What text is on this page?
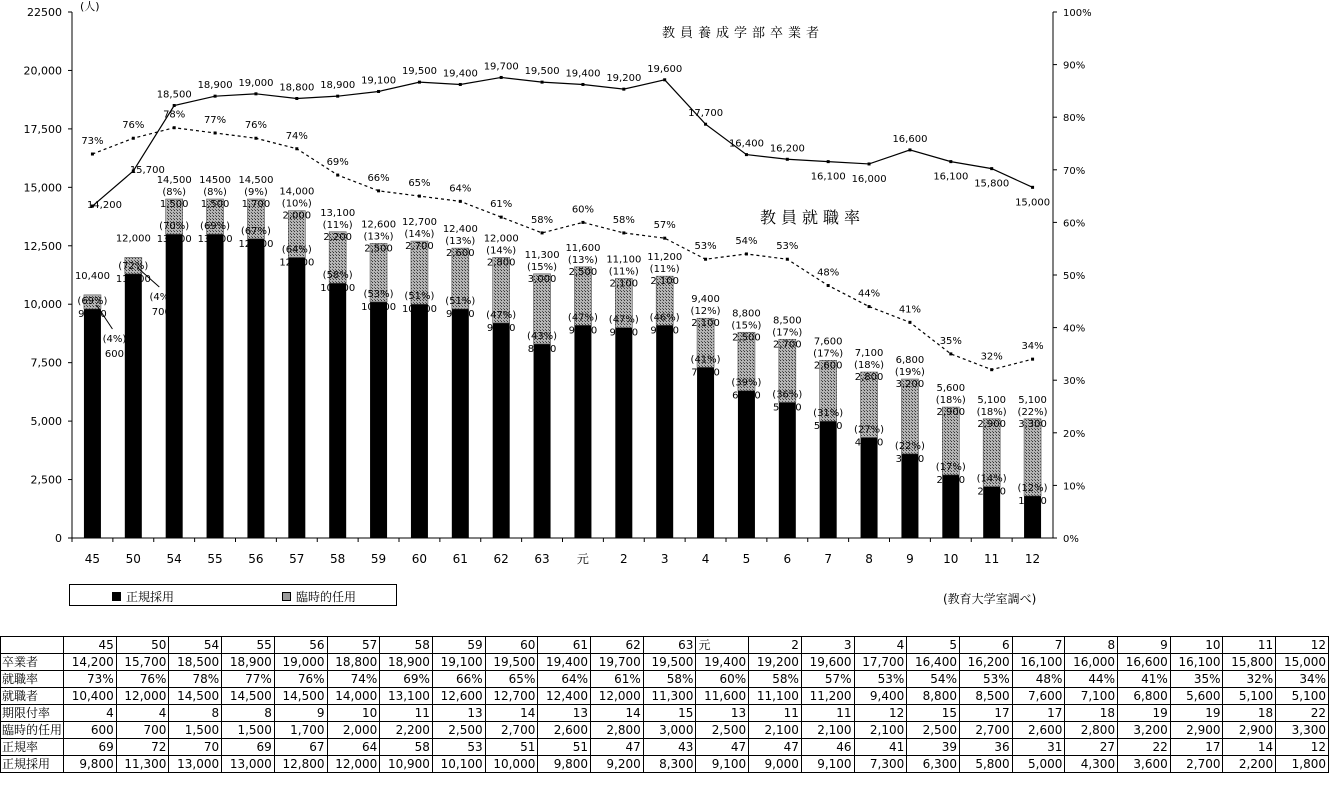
0
2,500
5,000
7,500
10,000
12,500
15,000
17,500
20,000
22500
0%
10%
20%
30%
40%
50%
60%
70%
80%
90%
100%
45 50 54 55 56 57 58 59 60 61 62 63 元	2	3	4	5	6	7	8	9 10 11 12
14,200
73%
10,400
(4%)
600
(69%)
9,800
15,700
76%
12,000
(4%)
700
(72%)
11,300
18,500
78%
14,500
(8%)
1,500
(70%)
13,000
18,900
77%
14500
(8%)
1,500
(69%)
13,000
19,000
76%
14,500
(9%)
1,700
(67%)
12,800
18,800
74%
14,000
(10%)
2,000
(64%)
12,000
18,900
69%
13,100
(11%)
2,200
(58%)
10,900
19,100
66%
12,600
(13%)
2,500
(53%)
10,100
19,500
65%
12,700
(14%)
2,700
(51%)
10,000
19,400
64%
12,400
(13%)
2,600
(51%)
9,800
19,700
61%
12,000
(14%)
2,800
(47%)
9,200
19,500
58%
11,300
(15%)
3,000
(43%)
8,300
19,400
60%
11,600
(13%)
2,500
(47%)
9,100
19,200
58%
11,100
(11%)
2,100
(47%)
9,000
19,600
57%
11,200
(11%)
2,100
(46%)
9,100
17,700
53%
9,400
(12%)
2,100
(41%)
7,300
16,400
54%
8,800
(15%)
2,500
(39%)
6,300
16,200
53%
8,500
(17%)
2,700
(36%)
5,800
16,100
48%
7,600
(17%)
2,600
(31%)
5,000
16,000
44%
7,100
(18%)
2,800
(27%)
4,300
16,600
41%
6,800
(19%)
3,200
(22%)
3,600
16,100
35%
5,600
(18%)
2,900
(17%)
2,700
15,800
32%
5,100
(18%)
2,900
(14%)
2,200
15,000
34%
5,100
(22%)
3,300
(12%)
1,800
(人)
教員養成学部卒業者
教員就職率
正規採用	臨時的任用	(教育大学室調べ)
	45	50	54	55	56	57	58	59	60	61	62	63	元	2	3	4	5	6	7	8	9	10	11	12
卒業者	14,200	15,700	18,500	18,900	19,000	18,800	18,900	19,100	19,500	19,400	19,700	19,500	19,400	19,200	19,600	17,700	16,400	16,200	16,100	16,000	16,600	16,100	15,800	15,000
就職率	73%	76%	78%	77%	76%	74%	69%	66%	65%	64%	61%	58%	60%	58%	57%	53%	54%	53%	48%	44%	41%	35%	32%	34%
就職者	10,400	12,000	14,500	14,500	14,500	14,000	13,100	12,600	12,700	12,400	12,000	11,300	11,600	11,100	11,200	9,400	8,800	8,500	7,600	7,100	6,800	5,600	5,100	5,100
期限付率	4	4	8	8	9	10	11	13	14	13	14	15	13	11	11	12	15	17	17	18	19	19	18	22
臨時的任用	600	700	1,500	1,500	1,700	2,000	2,200	2,500	2,700	2,600	2,800	3,000	2,500	2,100	2,100	2,100	2,500	2,700	2,600	2,800	3,200	2,900	2,900	3,300
正規率	69	72	70	69	67	64	58	53	51	51	47	43	47	47	46	41	39	36	31	27	22	17	14	12
正規採用	9,800	11,300	13,000	13,000	12,800	12,000	10,900	10,100	10,000	9,800	9,200	8,300	9,100	9,000	9,100	7,300	6,300	5,800	5,000	4,300	3,600	2,700	2,200	1,800
